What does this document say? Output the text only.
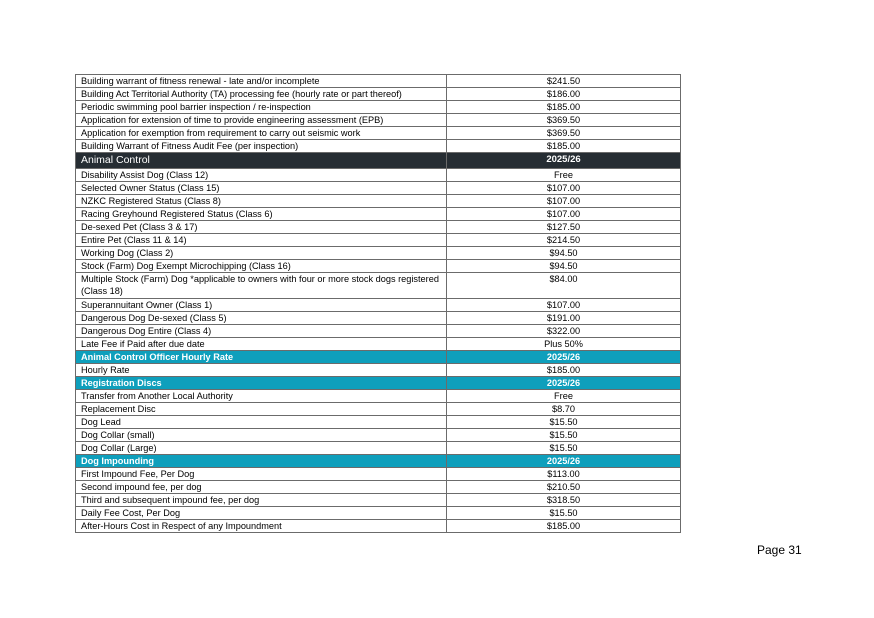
Building warrant of fitness renewal - late and/or incomplete	$241.50
Building Act Territorial Authority (TA) processing fee (hourly rate or part thereof)	$186.00
Periodic swimming pool barrier inspection / re-inspection	$185.00
Application for extension of time to provide engineering assessment (EPB)	$369.50
Application for exemption from requirement to carry out seismic work	$369.50
Building Warrant of Fitness Audit Fee (per inspection)	$185.00
Animal Control	2025/26
Disability Assist Dog (Class 12)	Free
Selected Owner Status (Class 15)	$107.00
NZKC Registered Status (Class 8)	$107.00
Racing Greyhound Registered Status (Class 6)	$107.00
De-sexed Pet (Class 3 & 17)	$127.50
Entire Pet (Class 11 & 14)	$214.50
Working Dog (Class 2)	$94.50
Stock (Farm) Dog Exempt Microchipping (Class 16)	$94.50
Multiple Stock (Farm) Dog *applicable to owners with four or more stock dogs registered (Class 18)	$84.00
Superannuitant Owner (Class 1)	$107.00
Dangerous Dog De-sexed (Class 5)	$191.00
Dangerous Dog Entire (Class 4)	$322.00
Late Fee if Paid after due date	Plus 50%
Animal Control Officer Hourly Rate	2025/26
Hourly Rate	$185.00
Registration Discs	2025/26
Transfer from Another Local Authority	Free
Replacement Disc	$8.70
Dog Lead	$15.50
Dog Collar (small)	$15.50
Dog Collar (Large)	$15.50
Dog Impounding	2025/26
First Impound Fee, Per Dog	$113.00
Second impound fee, per dog	$210.50
Third and subsequent impound fee, per dog	$318.50
Daily Fee Cost, Per Dog	$15.50
After-Hours Cost in Respect of any Impoundment	$185.00
Page 31
